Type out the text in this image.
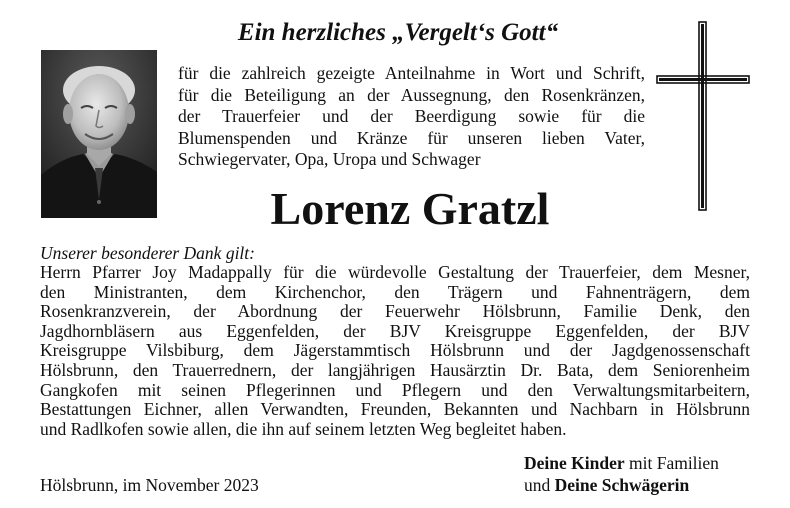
Ein herzliches „Vergelt‘s Gott“
für die zahlreich gezeigte Anteilnahme in Wort und Schrift,
für die Beteiligung an der Aussegnung, den Rosenkränzen,
der Trauerfeier und der Beerdigung sowie für die
Blumenspenden und Kränze für unseren lieben Vater,
Schwiegervater, Opa, Uropa und Schwager
Lorenz Gratzl
Unserer besonderer Dank gilt:
Herrn Pfarrer Joy Madappally für die würdevolle Gestaltung der Trauerfeier, dem Mesner,
den Ministranten, dem Kirchenchor, den Trägern und Fahnenträgern, dem
Rosenkranzverein, der Abordnung der Feuerwehr Hölsbrunn, Familie Denk, den
Jagdhornbläsern aus Eggenfelden, der BJV Kreisgruppe Eggenfelden, der BJV
Kreisgruppe Vilsbiburg, dem Jägerstammtisch Hölsbrunn und der Jagdgenossenschaft
Hölsbrunn, den Trauerrednern, der langjährigen Hausärztin Dr. Bata, dem Seniorenheim
Gangkofen mit seinen Pflegerinnen und Pflegern und den Verwaltungsmitarbeitern,
Bestattungen Eichner, allen Verwandten, Freunden, Bekannten und Nachbarn in Hölsbrunn
und Radlkofen sowie allen, die ihn auf seinem letzten Weg begleitet haben.
Hölsbrunn, im November 2023
Deine Kinder mit Familien
und Deine Schwägerin
